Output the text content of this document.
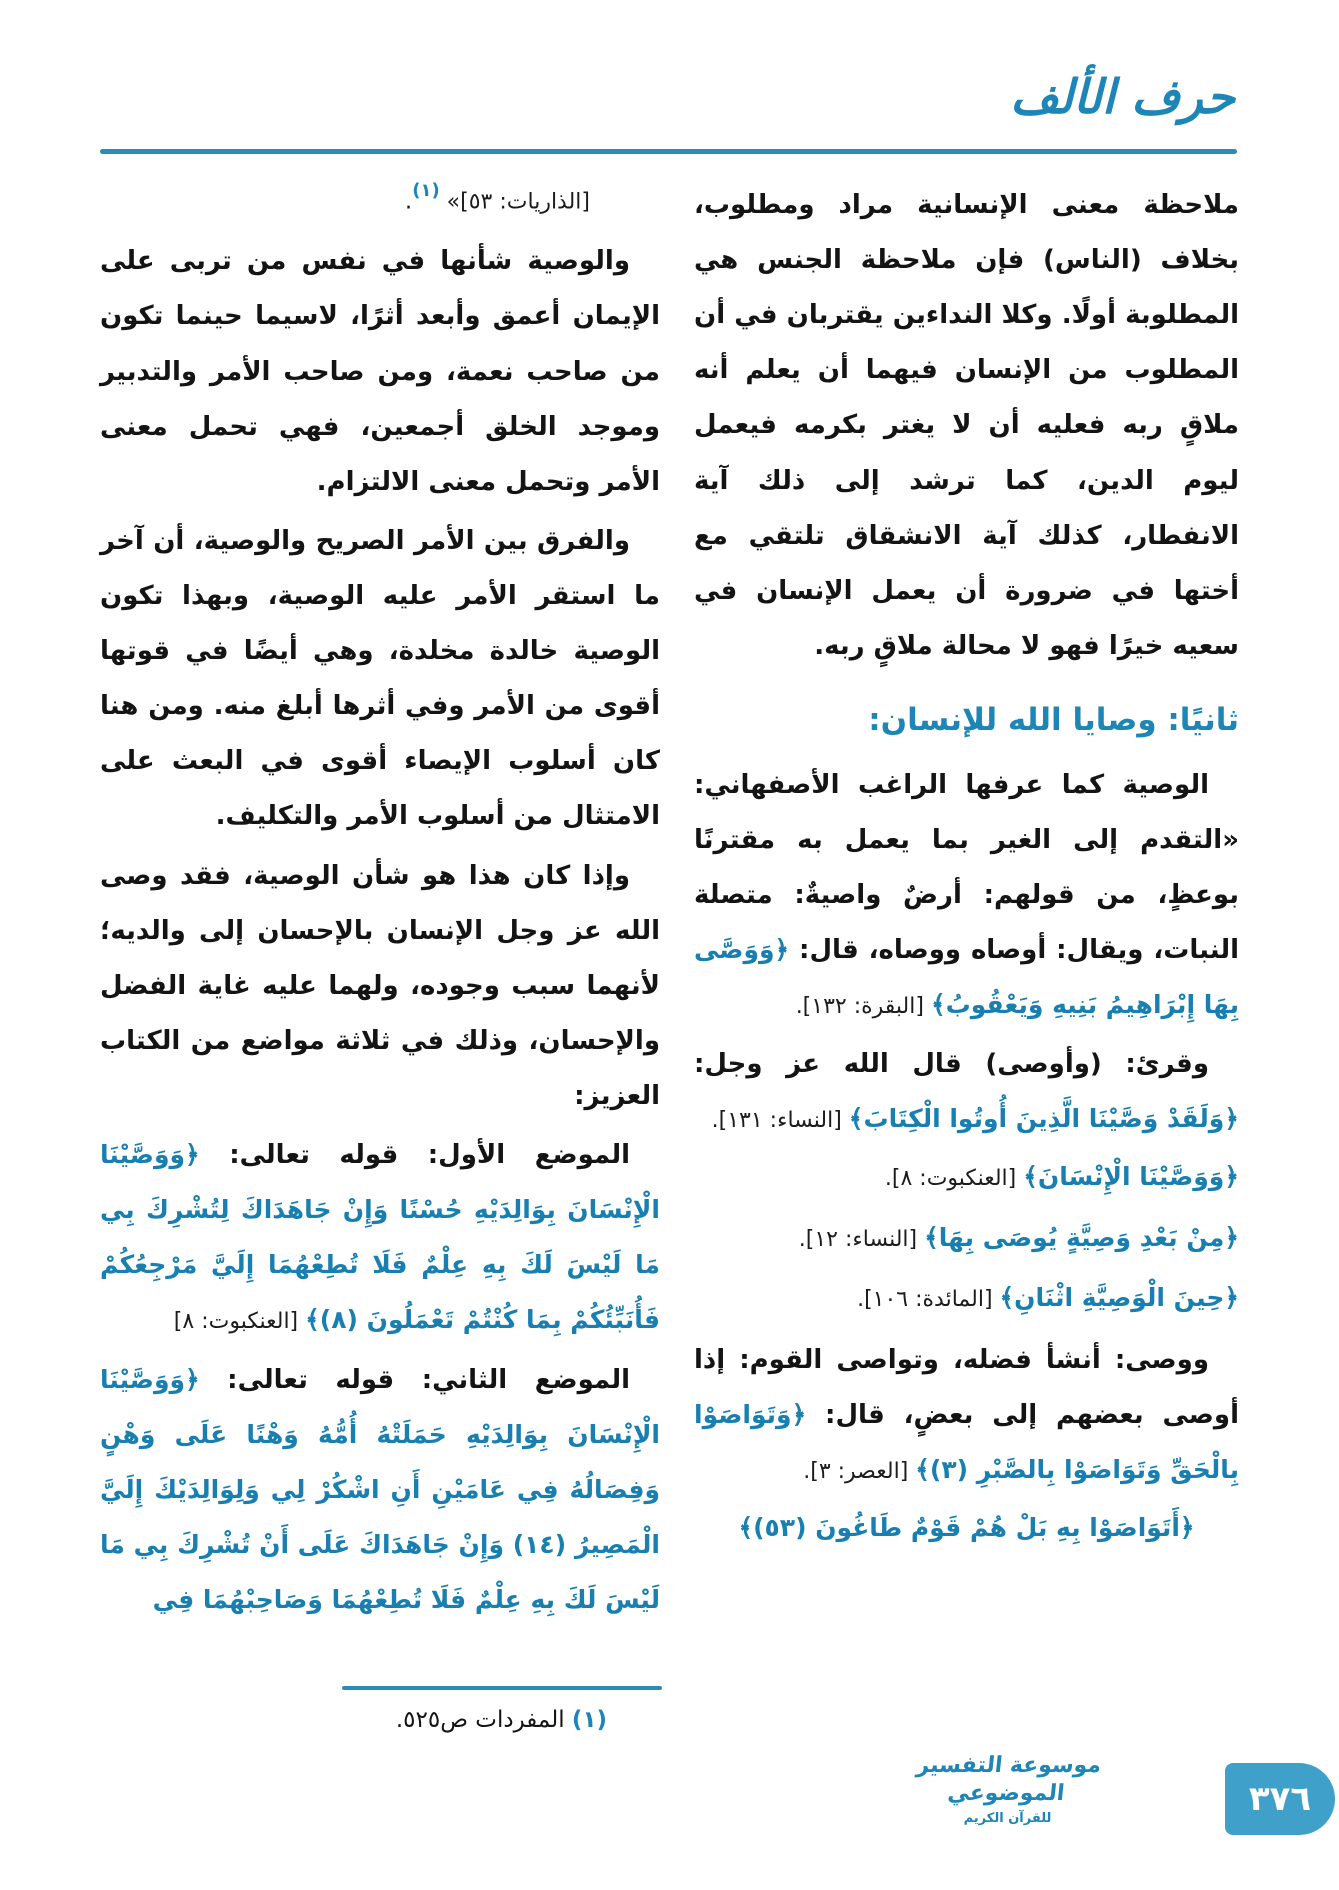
حرف الألف

ملاحظة معنى الإنسانية مراد ومطلوب، بخلاف (الناس) فإن ملاحظة الجنس هي المطلوبة أولًا. وكلا النداءين يقتربان في أن المطلوب من الإنسان فيهما أن يعلم أنه ملاقٍ ربه فعليه أن لا يغتر بكرمه فيعمل ليوم الدين، كما ترشد إلى ذلك آية الانفطار، كذلك آية الانشقاق تلتقي مع أختها في ضرورة أن يعمل الإنسان في سعيه خيرًا فهو لا محالة ملاقٍ ربه.

ثانيًا: وصايا الله للإنسان:

الوصية كما عرفها الراغب الأصفهاني: «التقدم إلى الغير بما يعمل به مقترنًا بوعظٍ، من قولهم: أرضٌ واصيةٌ: متصلة النبات، ويقال: أوصاه ووصاه، قال: ﴿وَوَصَّى بِهَا إِبْرَاهِيمُ بَنِيهِ وَيَعْقُوبُ﴾ [البقرة: ١٣٢].

وقرئ: (وأوصى) قال الله عز وجل: ﴿وَلَقَدْ وَصَّيْنَا الَّذِينَ أُوتُوا الْكِتَابَ﴾ [النساء: ١٣١].

﴿وَوَصَّيْنَا الْإِنْسَانَ﴾ [العنكبوت: ٨].

﴿مِنْ بَعْدِ وَصِيَّةٍ يُوصَى بِهَا﴾ [النساء: ١٢].

﴿حِينَ الْوَصِيَّةِ اثْنَانِ﴾ [المائدة: ١٠٦].

ووصى: أنشأ فضله، وتواصى القوم: إذا أوصى بعضهم إلى بعضٍ، قال: ﴿وَتَوَاصَوْا بِالْحَقِّ وَتَوَاصَوْا بِالصَّبْرِ (٣)﴾ [العصر: ٣].

﴿أَتَوَاصَوْا بِهِ بَلْ هُمْ قَوْمٌ طَاغُونَ (٥٣)﴾

[الذاريات: ٥٣]» $^{(١)}$.

والوصية شأنها في نفس من تربى على الإيمان أعمق وأبعد أثرًا، لاسيما حينما تكون من صاحب نعمة، ومن صاحب الأمر والتدبير وموجد الخلق أجمعين، فهي تحمل معنى الأمر وتحمل معنى الالتزام.

والفرق بين الأمر الصريح والوصية، أن آخر ما استقر الأمر عليه الوصية، وبهذا تكون الوصية خالدة مخلدة، وهي أيضًا في قوتها أقوى من الأمر وفي أثرها أبلغ منه. ومن هنا كان أسلوب الإيصاء أقوى في البعث على الامتثال من أسلوب الأمر والتكليف.

وإذا كان هذا هو شأن الوصية، فقد وصى الله عز وجل الإنسان بالإحسان إلى والديه؛ لأنهما سبب وجوده، ولهما عليه غاية الفضل والإحسان، وذلك في ثلاثة مواضع من الكتاب العزيز:

الموضع الأول: قوله تعالى: ﴿وَوَصَّيْنَا الْإِنْسَانَ بِوَالِدَيْهِ حُسْنًا وَإِنْ جَاهَدَاكَ لِتُشْرِكَ بِي مَا لَيْسَ لَكَ بِهِ عِلْمٌ فَلَا تُطِعْهُمَا إِلَيَّ مَرْجِعُكُمْ فَأُنَبِّئُكُمْ بِمَا كُنْتُمْ تَعْمَلُونَ (٨)﴾ [العنكبوت: ٨]

الموضع الثاني: قوله تعالى: ﴿وَوَصَّيْنَا الْإِنْسَانَ بِوَالِدَيْهِ حَمَلَتْهُ أُمُّهُ وَهْنًا عَلَى وَهْنٍ وَفِصَالُهُ فِي عَامَيْنِ أَنِ اشْكُرْ لِي وَلِوَالِدَيْكَ إِلَيَّ الْمَصِيرُ (١٤) وَإِنْ جَاهَدَاكَ عَلَى أَنْ تُشْرِكَ بِي مَا لَيْسَ لَكَ بِهِ عِلْمٌ فَلَا تُطِعْهُمَا وَصَاحِبْهُمَا فِي

(١) المفردات ص٥٢٥.

موسوعة التفسير الموضوعي
للقرآن الكريم	٣٧٦
